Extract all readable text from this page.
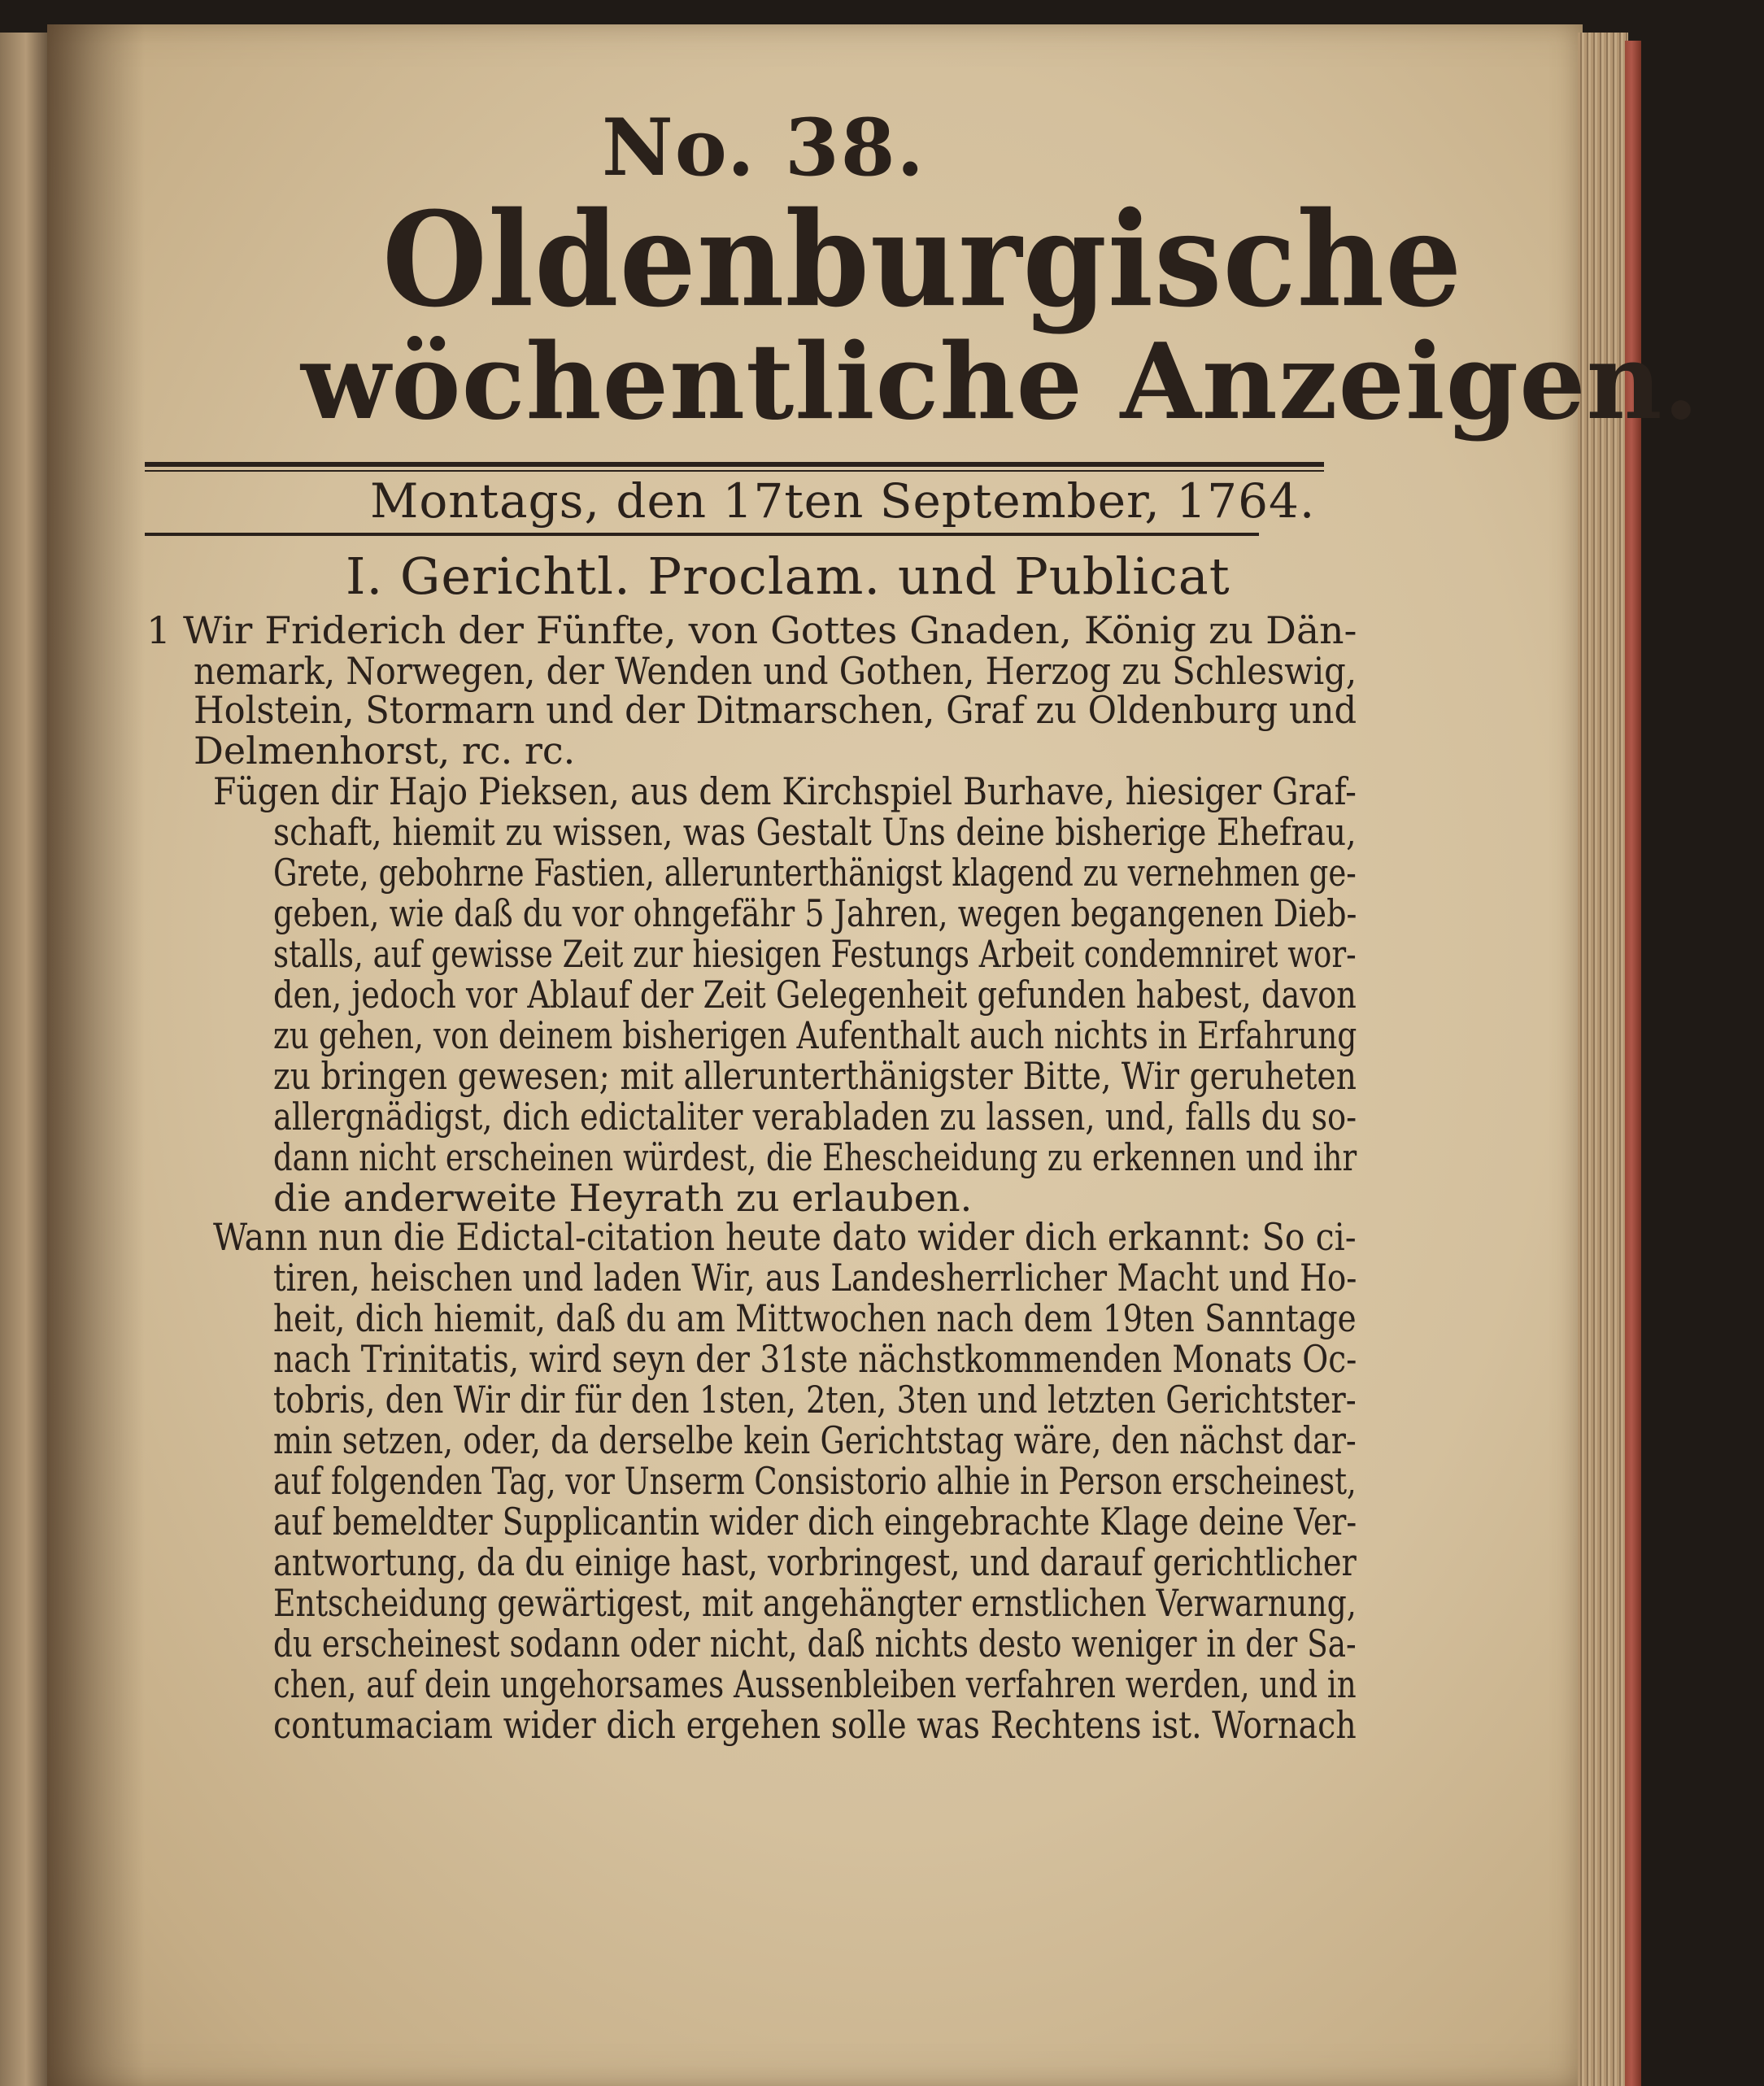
No. 38.
Oldenburgische
wöchentliche Anzeigen.
Montags, den 17ten September, 1764.
I. Gerichtl. Proclam. und Publicat
1 Wir Friderich der Fünfte, von Gottes Gnaden, König zu Dän-
nemark, Norwegen, der Wenden und Gothen, Herzog zu Schleswig,
Holstein, Stormarn und der Ditmarschen, Graf zu Oldenburg und
Delmenhorst, rc. rc.
Fügen dir Hajo Pieksen, aus dem Kirchspiel Burhave, hiesiger Graf-
schaft, hiemit zu wissen, was Gestalt Uns deine bisherige Ehefrau,
Grete, gebohrne Fastien, allerunterthänigst klagend zu vernehmen ge-
geben, wie daß du vor ohngefähr 5 Jahren, wegen begangenen Dieb-
stalls, auf gewisse Zeit zur hiesigen Festungs Arbeit condemniret wor-
den, jedoch vor Ablauf der Zeit Gelegenheit gefunden habest, davon
zu gehen, von deinem bisherigen Aufenthalt auch nichts in Erfahrung
zu bringen gewesen; mit allerunterthänigster Bitte, Wir geruheten
allergnädigst, dich edictaliter verabladen zu lassen, und, falls du so-
dann nicht erscheinen würdest, die Ehescheidung zu erkennen und ihr
die anderweite Heyrath zu erlauben.
Wann nun die Edictal-citation heute dato wider dich erkannt: So ci-
tiren, heischen und laden Wir, aus Landesherrlicher Macht und Ho-
heit, dich hiemit, daß du am Mittwochen nach dem 19ten Sanntage
nach Trinitatis, wird seyn der 31ste nächstkommenden Monats Oc-
tobris, den Wir dir für den 1sten, 2ten, 3ten und letzten Gerichtster-
min setzen, oder, da derselbe kein Gerichtstag wäre, den nächst dar-
auf folgenden Tag, vor Unserm Consistorio alhie in Person erscheinest,
auf bemeldter Supplicantin wider dich eingebrachte Klage deine Ver-
antwortung, da du einige hast, vorbringest, und darauf gerichtlicher
Entscheidung gewärtigest, mit angehängter ernstlichen Verwarnung,
du erscheinest sodann oder nicht, daß nichts desto weniger in der Sa-
chen, auf dein ungehorsames Aussenbleiben verfahren werden, und in
contumaciam wider dich ergehen solle was Rechtens ist. Wornach
